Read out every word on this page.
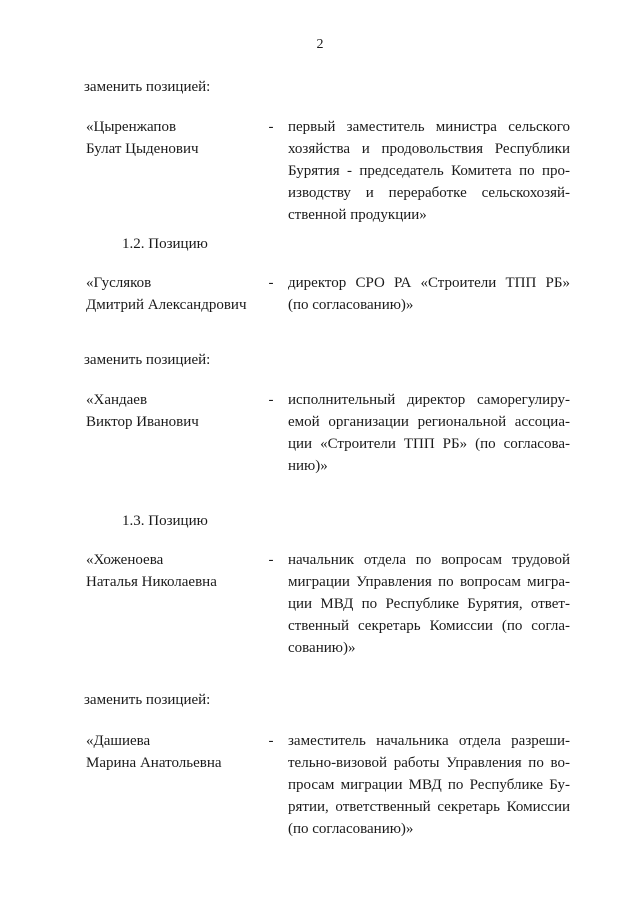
2
заменить позицией:
«Цыренжапов
Булат Цыденович
- первый заместитель министра сельского
хозяйства и продовольствия Республики
Бурятия - председатель Комитета по про-
изводству и переработке сельскохозяй-
ственной продукции»
1.2. Позицию
«Гусляков
Дмитрий Александрович
- директор СРО РА «Строители ТПП РБ»
(по согласованию)»
заменить позицией:
«Хандаев
Виктор Иванович
- исполнительный директор саморегулиру-
емой организации региональной ассоциа-
ции «Строители ТПП РБ» (по согласова-
нию)»
1.3. Позицию
«Хоженоева
Наталья Николаевна
- начальник отдела по вопросам трудовой
миграции Управления по вопросам мигра-
ции МВД по Республике Бурятия, ответ-
ственный секретарь Комиссии (по согла-
сованию)»
заменить позицией:
«Дашиева
Марина Анатольевна
- заместитель начальника отдела разреши-
тельно-визовой работы Управления по во-
просам миграции МВД по Республике Бу-
рятии, ответственный секретарь Комиссии
(по согласованию)»
